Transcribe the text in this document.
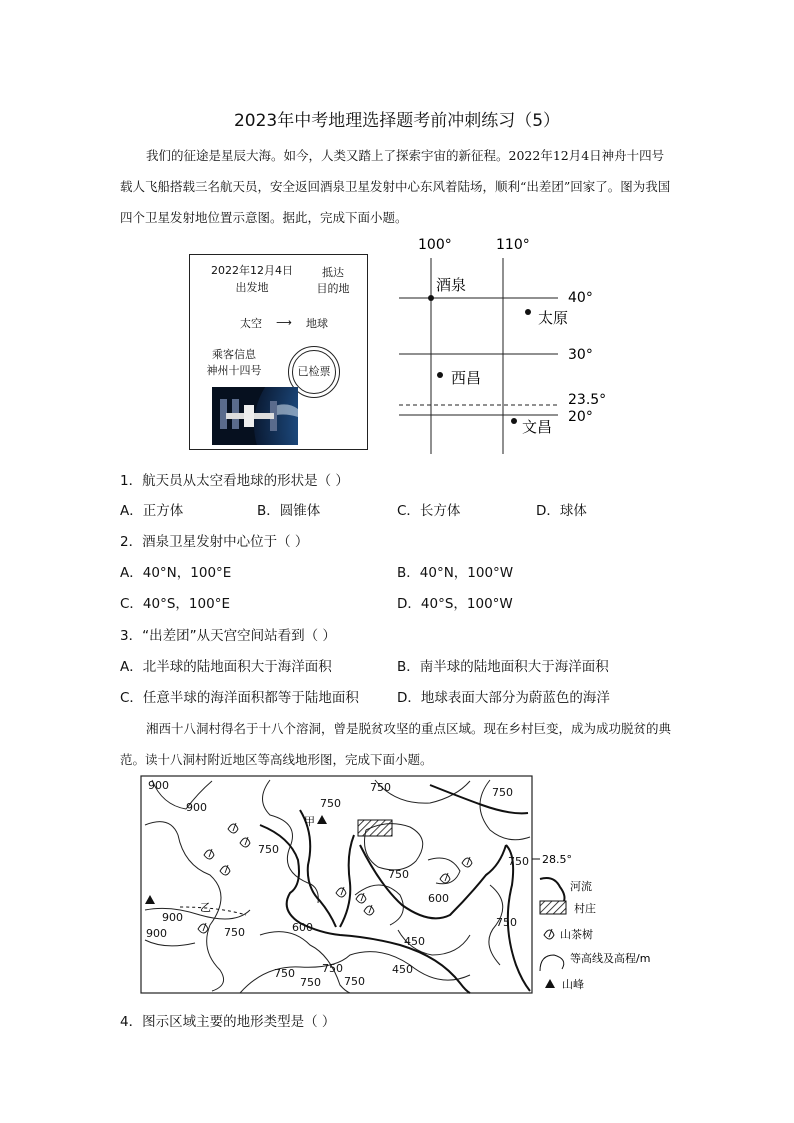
2023年中考地理选择题考前冲刺练习（5）
我们的征途是星辰大海。如今，人类又踏上了探索宇宙的新征程。2022年12月4日神舟十四号载人飞船搭载三名航天员，安全返回酒泉卫星发射中心东风着陆场，顺利“出差团”回家了。图为我国四个卫星发射地位置示意图。据此，完成下面小题。
2022年12月4日
出发地
抵达
目的地
太空	⟶	地球
乘客信息
神州十四号	已检票
100°	110°
40°
30°
23.5°
20°
酒泉
太原
西昌
文昌
1．航天员从太空看地球的形状是（ ）
A．正方体	B．圆锥体	C．长方体	D．球体
2．酒泉卫星发射中心位于（ ）
A．40°N，100°E	B．40°N，100°W
C．40°S，100°E	D．40°S，100°W
3．“出差团”从天宫空间站看到（ ）
A．北半球的陆地面积大于海洋面积	B．南半球的陆地面积大于海洋面积
C．任意半球的海洋面积都等于陆地面积	D．地球表面大部分为蔚蓝色的海洋
湘西十八洞村得名于十八个溶洞，曾是脱贫攻坚的重点区域。现在乡村巨变，成为成功脱贫的典范。读十八洞村附近地区等高线地形图，完成下面小题。
甲
乙
900
900	750
750	750
750
750
750
600
900
900	750	600
450
750
750 750
750
450
750
28.5°
河流
村庄
山茶树
等高线及高程/m
山峰
4．图示区域主要的地形类型是（ ）
